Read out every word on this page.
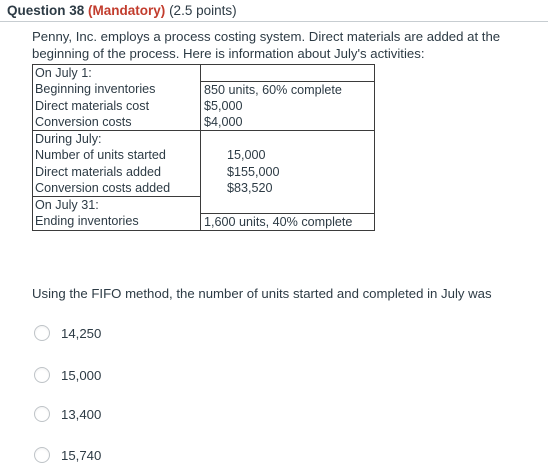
Question 38 (Mandatory) (2.5 points)
Penny, Inc. employs a process costing system. Direct materials are added at the beginning of the process. Here is information about July's activities:
On July 1:	
Beginning inventories	850 units, 60% complete
Direct materials cost	$5,000
Conversion costs	$4,000
During July:	
Number of units started	15,000
Direct materials added	$155,000
Conversion costs added	$83,520
On July 31:	
Ending inventories	1,600 units, 40% complete
Using the FIFO method, the number of units started and completed in July was
14,250
15,000
13,400
15,740
